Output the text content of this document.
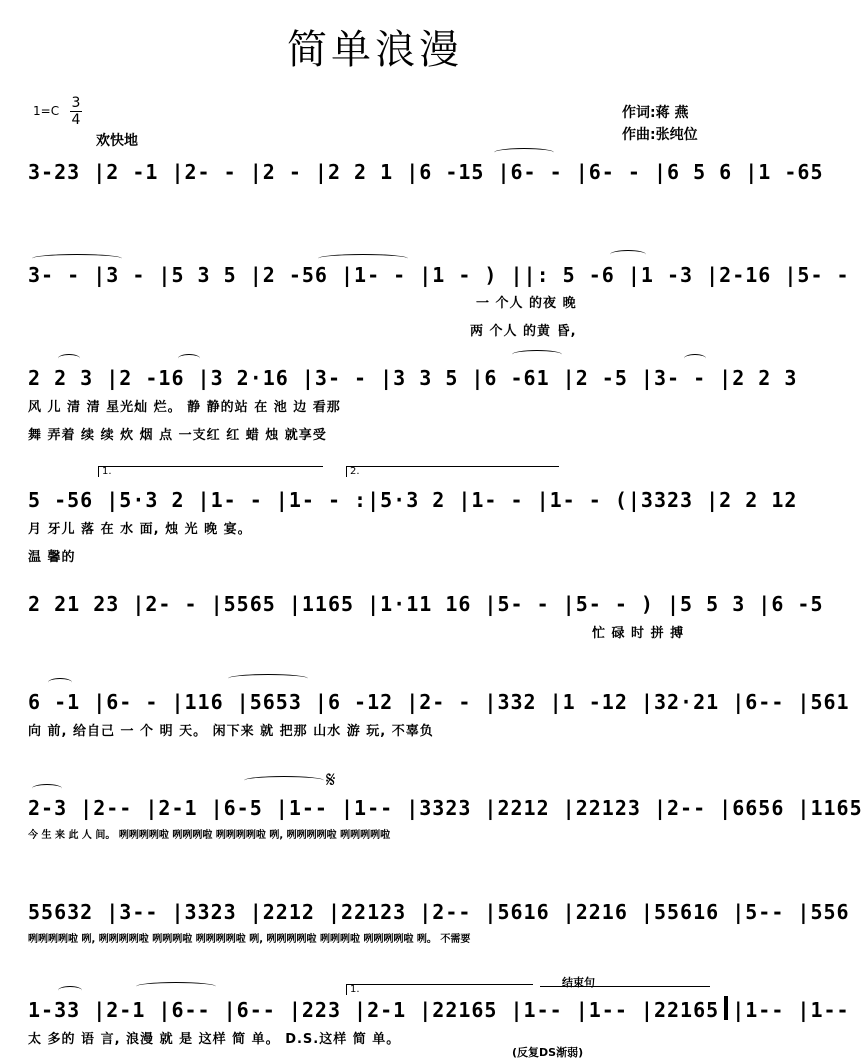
简单浪漫
1=C 3
4
欢快地
作词:蒋 燕
作曲:张纯位
3-23 |2 -1 |2- - |2 - |2 2 1 |6 -15 |6- - |6- - |6 5 6 |1 -65
3- - |3 - |5 3 5 |2 -56 |1- - |1 - ) ||: 5 -6 |1 -3 |2-16 |5- -
一 个人 的夜 晚
两 个人 的黄 昏,
2 2 3 |2 -16 |3 2·16 |3- - |3 3 5 |6 -61 |2 -5 |3- - |2 2 3
风 儿 清 清 星光灿 烂。 静 静的站 在 池 边 看那
舞 弄着 续 续 炊 烟 点 一支红 红 蜡 烛 就享受
1.	2.
5 -56 |5·3 2 |1- - |1- - :|5·3 2 |1- - |1- - (|3323 |2 2 12
月 牙儿 落 在 水 面, 烛 光 晚 宴。
温 馨的
2 21 23 |2- - |5565 |1165 |1·11 16 |5- - |5- - ) |5 5 3 |6 -5
忙 碌 时 拼 搏
6 -1 |6- - |116 |5653 |6 -12 |2- - |332 |1 -12 |32·21 |6-- |561
向 前, 给自己 一 个 明 天。 闲下来 就 把那 山水 游 玩, 不辜负
𝄋
2-3 |2-- |2-1 |6-5 |1-- |1-- |3323 |2212 |22123 |2-- |6656 |1165
今 生 来 此 人 间。 咧咧咧咧啦 咧咧咧啦 咧咧咧咧啦 咧, 咧咧咧咧啦 咧咧咧咧啦
55632 |3-- |3323 |2212 |22123 |2-- |5616 |2216 |55616 |5-- |556
咧咧咧咧啦 咧, 咧咧咧咧啦 咧咧咧啦 咧咧咧咧啦 咧, 咧咧咧咧啦 咧咧咧啦 咧咧咧咧啦 咧。 不需要
1.
结束句
1-33 |2-1 |6-- |6-- |223 |2-1 |22165 |1-- |1-- |22165 |1-- |1--
太 多的 语 言, 浪漫 就 是 这样 简 单。 D.S.这样 简 单。
(反复DS渐弱)
